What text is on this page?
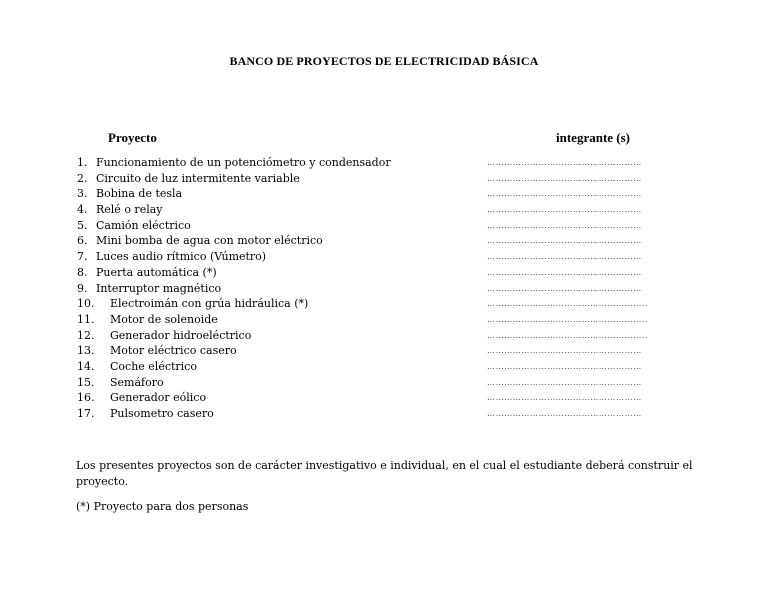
BANCO DE PROYECTOS DE ELECTRICIDAD BÁSICA
Proyecto	integrante (s)
1. Funcionamiento de un potenciómetro y condensador	………………………………………………
2. Circuito de luz intermitente variable	………………………………………………
3. Bobina de tesla	………………………………………………
4. Relé o relay	………………………………………………
5. Camión eléctrico	………………………………………………
6. Mini bomba de agua con motor eléctrico	………………………………………………
7. Luces audio rítmico (Vúmetro)	………………………………………………
8. Puerta automática (*)	………………………………………………
9. Interruptor magnético	………………………………………………
10. Electroimán con grúa hidráulica (*)	………………………………………………..
11. Motor de solenoide	………………………………………………..
12. Generador hidroeléctrico	………………………………………………..
13. Motor eléctrico casero	………………………………………………
14. Coche eléctrico	………………………………………………
15. Semáforo	………………………………………………
16. Generador eólico	………………………………………………
17. Pulsometro casero	………………………………………………
Los presentes proyectos son de carácter investigativo e individual, en el cual el estudiante deberá construir el proyecto.
(*) Proyecto para dos personas
